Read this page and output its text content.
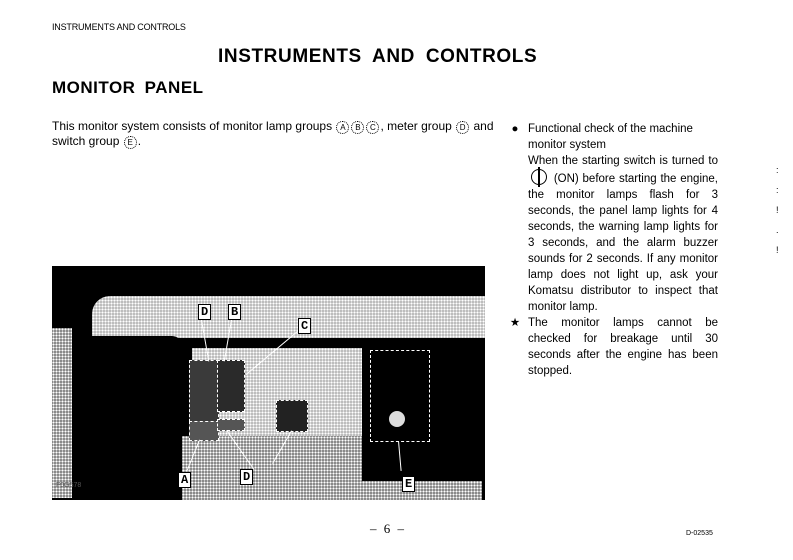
INSTRUMENTS AND CONTROLS
INSTRUMENTS AND CONTROLS
MONITOR PANEL
This monitor system consists of monitor lamp groups A B C , meter group D and switch group E .
● Functional check of the machine monitor system
When the starting switch is turned to  (ON) before starting the engine, the monitor lamps flash for 3 seconds, the panel lamp lights for 4 seconds, the warning lamp lights for 3 seconds, and the alarm buzzer sounds for 2 seconds. If any monitor lamp does not light up, ask your Komatsu distributor to inspect that monitor lamp.
★ The monitor lamps cannot be checked for breakage until 30 seconds after the engine has been stopped.
D B
C
A	D	E
F0G578
– 6 –	D-02535
:
:
!
.
!
